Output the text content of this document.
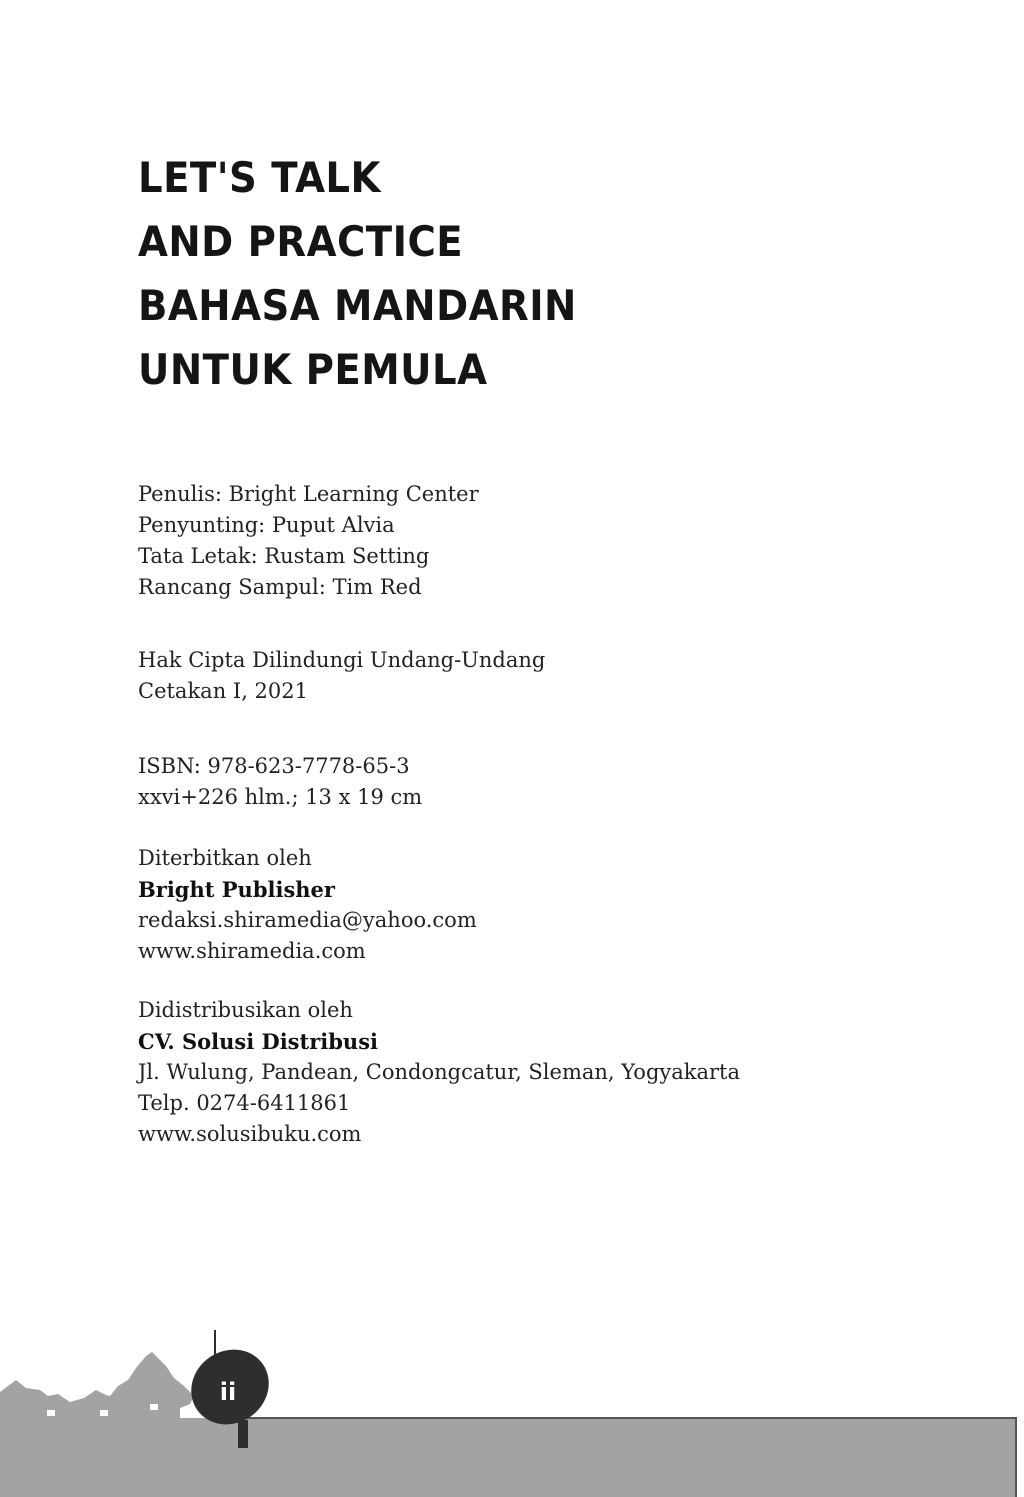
LET'S TALK
AND PRACTICE
BAHASA MANDARIN
UNTUK PEMULA
Penulis: Bright Learning Center
Penyunting: Puput Alvia
Tata Letak: Rustam Setting
Rancang Sampul: Tim Red
Hak Cipta Dilindungi Undang-Undang
Cetakan I, 2021
ISBN: 978-623-7778-65-3
xxvi+226 hlm.; 13 x 19 cm
Diterbitkan oleh
Bright Publisher
redaksi.shiramedia@yahoo.com
www.shiramedia.com
Didistribusikan oleh
CV. Solusi Distribusi
Jl. Wulung, Pandean, Condongcatur, Sleman, Yogyakarta
Telp. 0274-6411861
www.solusibuku.com
ii
